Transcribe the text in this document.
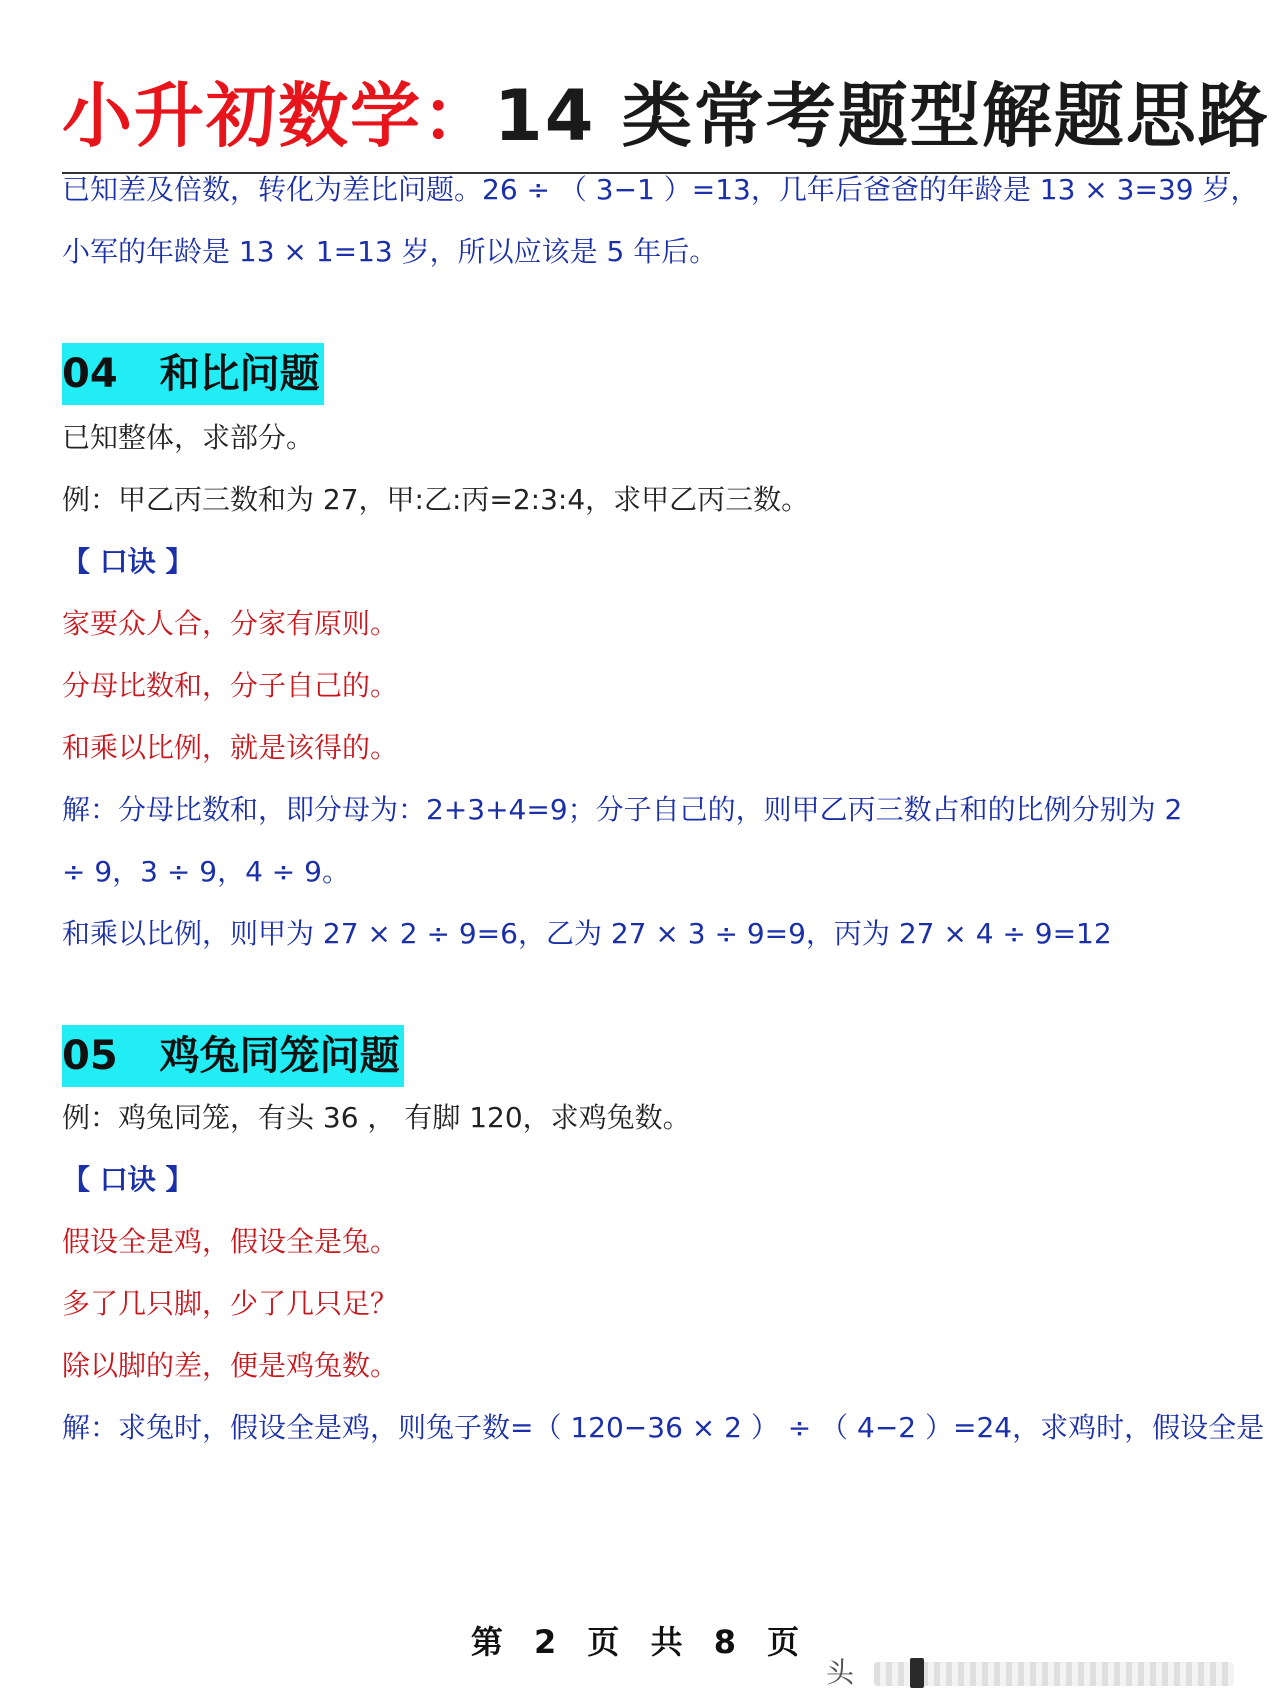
小升初数学：14 类常考题型解题思路
已知差及倍数，转化为差比问题。26 ÷ （ 3−1 ）=13，几年后爸爸的年龄是 13 × 3=39 岁，
小军的年龄是 13 × 1=13 岁，所以应该是 5 年后。
04 和比问题
已知整体，求部分。
例：甲乙丙三数和为 27，甲:乙:丙=2:3:4，求甲乙丙三数。
【 口诀 】
家要众人合，分家有原则。
分母比数和，分子自己的。
和乘以比例，就是该得的。
解：分母比数和，即分母为：2+3+4=9；分子自己的，则甲乙丙三数占和的比例分别为 2
÷ 9，3 ÷ 9，4 ÷ 9。
和乘以比例，则甲为 27 × 2 ÷ 9=6，乙为 27 × 3 ÷ 9=9，丙为 27 × 4 ÷ 9=12
05 鸡兔同笼问题
例：鸡兔同笼，有头 36 ， 有脚 120，求鸡兔数。
【 口诀 】
假设全是鸡，假设全是兔。
多了几只脚，少了几只足？
除以脚的差，便是鸡兔数。
解：求兔时，假设全是鸡，则兔子数=（ 120−36 × 2 ） ÷ （ 4−2 ）=24，求鸡时，假设全是
第 2 页 共 8 页
头
